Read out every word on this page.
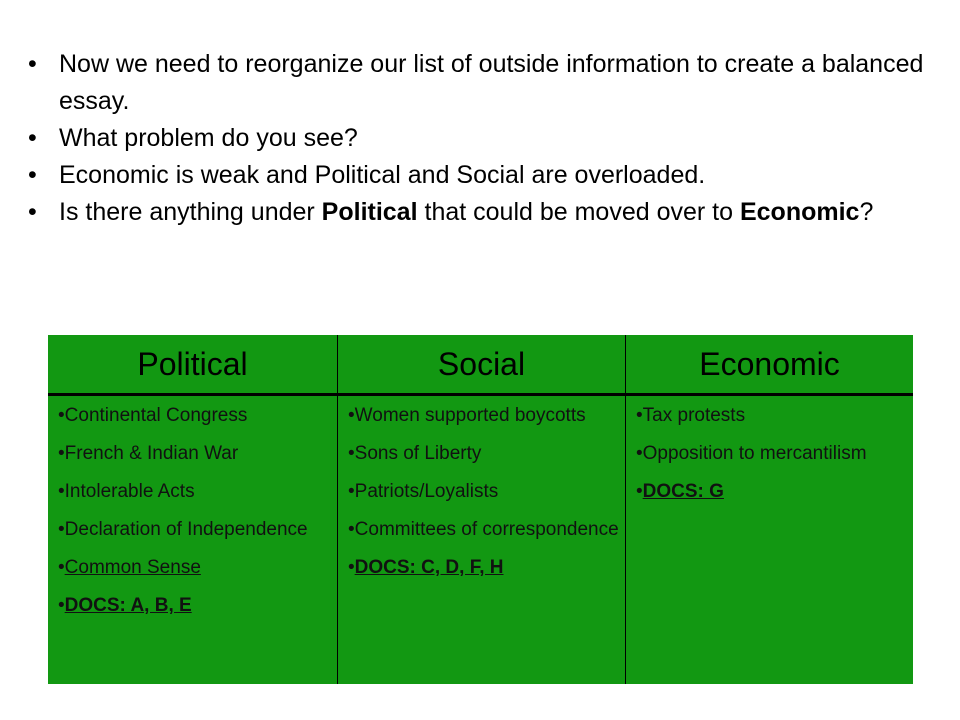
• Now we need to reorganize our list of outside information to create a balanced essay.
• What problem do you see?
• Economic is weak and Political and Social are overloaded.
• Is there anything under Political that could be moved over to Economic?
Political	Social	Economic
•Continental Congress
•French & Indian War
•Intolerable Acts
•Declaration of Independence
•Common Sense
•DOCS: A, B, E
•Women supported boycotts
•Sons of Liberty
•Patriots/Loyalists
•Committees of correspondence
•DOCS: C, D, F, H
•Tax protests
•Opposition to mercantilism
•DOCS: G
